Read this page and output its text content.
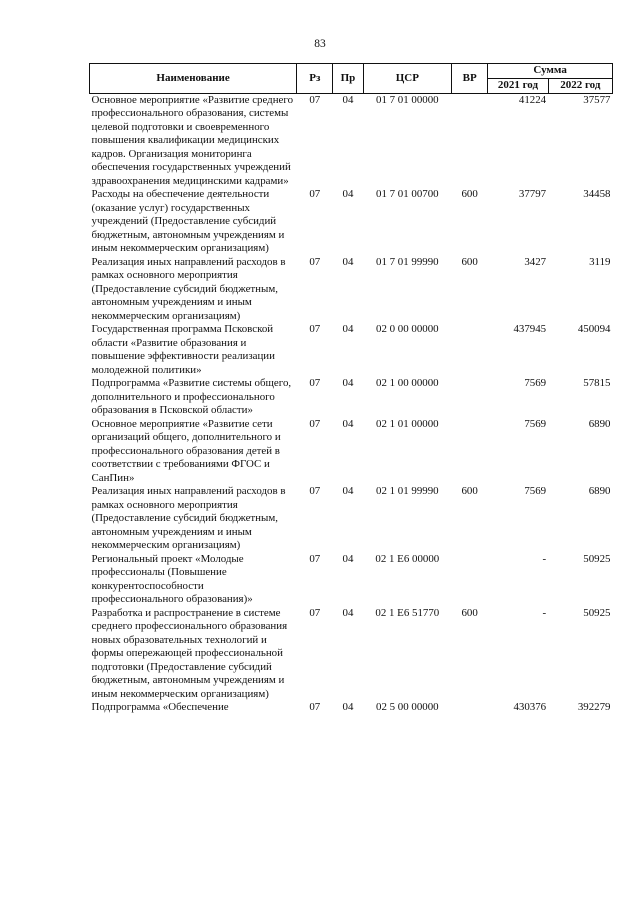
83
Наименование	Рз	Пр	ЦСР	ВР	Сумма	
					2021 год	2022 год
Основное мероприятие «Развитие среднего профессионального образования, системы целевой подготовки и своевременного повышения квалификации медицинских кадров. Организация мониторинга обеспечения государственных учреждений здравоохранения медицинскими кадрами»	07	04	01 7 01 00000		41224	37577
Расходы на обеспечение деятельности (оказание услуг) государственных учреждений (Предоставление субсидий бюджетным, автономным учреждениям и иным некоммерческим организациям)	07	04	01 7 01 00700	600	37797	34458
Реализация иных направлений расходов в рамках основного мероприятия (Предоставление субсидий бюджетным, автономным учреждениям и иным некоммерческим организациям)	07	04	01 7 01 99990	600	3427	3119
Государственная программа Псковской области «Развитие образования и повышение эффективности реализации молодежной политики»	07	04	02 0 00 00000		437945	450094
Подпрограмма «Развитие системы общего, дополнительного и профессионального образования в Псковской области»	07	04	02 1 00 00000		7569	57815
Основное мероприятие «Развитие сети организаций общего, дополнительного и профессионального образования детей в соответствии с требованиями ФГОС и СанПин»	07	04	02 1 01 00000		7569	6890
Реализация иных направлений расходов в рамках основного мероприятия (Предоставление субсидий бюджетным, автономным учреждениям и иным некоммерческим организациям)	07	04	02 1 01 99990	600	7569	6890
Региональный проект «Молодые профессионалы (Повышение конкурентоспособности профессионального образования)»	07	04	02 1 E6 00000		-	50925
Разработка и распространение в системе среднего профессионального образования новых образовательных технологий и формы опережающей профессиональной подготовки (Предоставление субсидий бюджетным, автономным учреждениям и иным некоммерческим организациям)	07	04	02 1 E6 51770	600	-	50925
Подпрограмма «Обеспечение	07	04	02 5 00 00000		430376	392279
